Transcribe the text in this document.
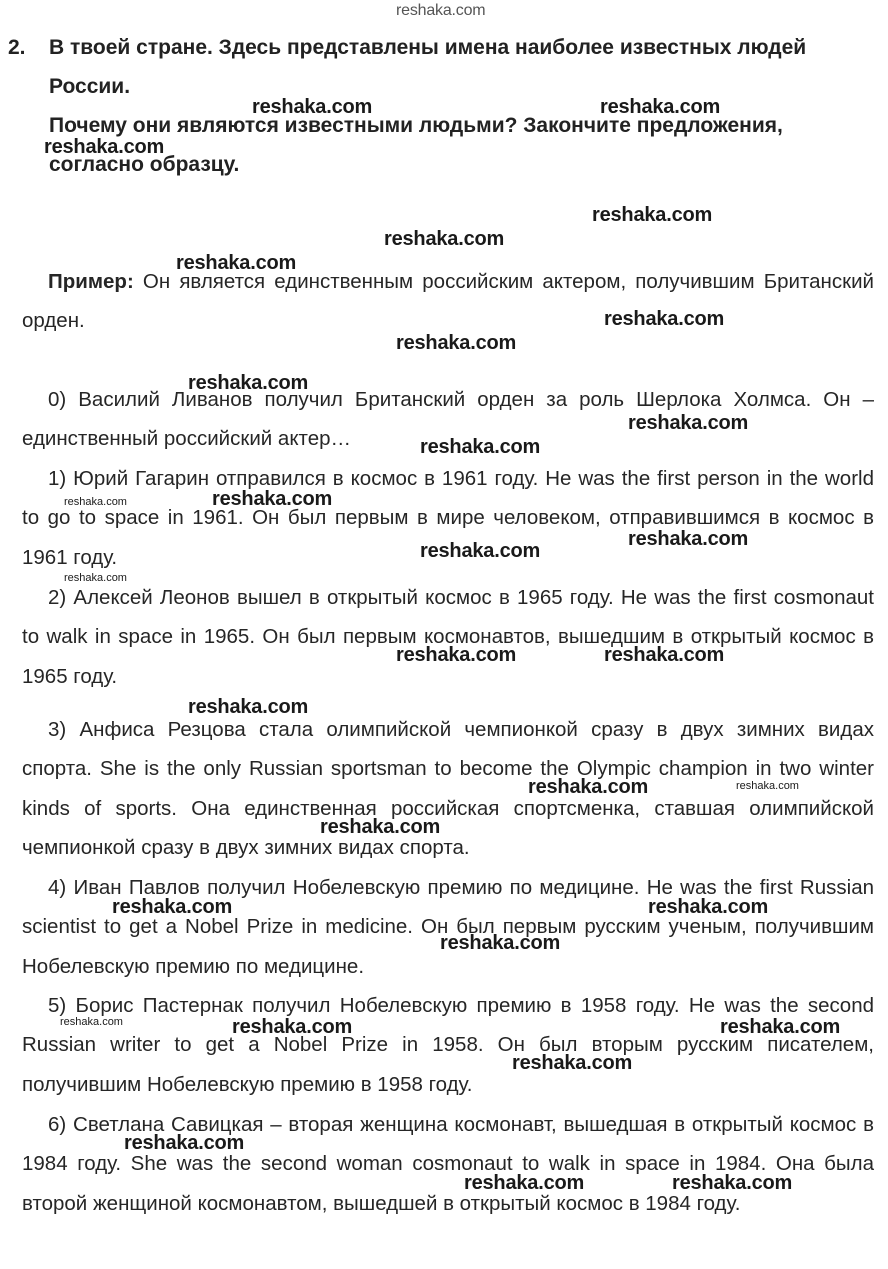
reshaka.com
2. В твоей стране. Здесь представлены имена наиболее известных людей России.
Почему они являются известными людьми? Закончите предложения, согласно образцу.
Пример: Он является единственным российским актером, получившим Британский орден.
0) Василий Ливанов получил Британский орден за роль Шерлока Холмса. Он – единственный российский актер…
1) Юрий Гагарин отправился в космос в 1961 году. He was the first person in the world to go to space in 1961. Он был первым в мире человеком, отправившимся в космос в 1961 году.
2) Алексей Леонов вышел в открытый космос в 1965 году. He was the first cosmonaut to walk in space in 1965. Он был первым космонавтов, вышедшим в открытый космос в 1965 году.
3) Анфиса Резцова стала олимпийской чемпионкой сразу в двух зимних видах спорта. She is the only Russian sportsman to become the Olympic champion in two winter kinds of sports. Она единственная российская спортсменка, ставшая олимпийской чемпионкой сразу в двух зимних видах спорта.
4) Иван Павлов получил Нобелевскую премию по медицине. He was the first Russian scientist to get a Nobel Prize in medicine. Он был первым русским ученым, получившим Нобелевскую премию по медицине.
5) Борис Пастернак получил Нобелевскую премию в 1958 году. He was the second Russian writer to get a Nobel Prize in 1958. Он был вторым русским писателем, получившим Нобелевскую премию в 1958 году.
6) Светлана Савицкая – вторая женщина космонавт, вышедшая в открытый космос в 1984 году. She was the second woman cosmonaut to walk in space in 1984. Она была второй женщиной космонавтом, вышедшей в открытый космос в 1984 году.
reshaka.com	reshaka.com
reshaka.com
reshaka.com
reshaka.com
reshaka.com
reshaka.com
reshaka.com
reshaka.com
reshaka.com
reshaka.com
reshaka.com	reshaka.com
reshaka.com
reshaka.com
reshaka.com
reshaka.com	reshaka.com
reshaka.com
reshaka.com	reshaka.com
reshaka.com
reshaka.com	reshaka.com
reshaka.com
reshaka.com	reshaka.com	reshaka.com
reshaka.com
reshaka.com
reshaka.com	reshaka.com
